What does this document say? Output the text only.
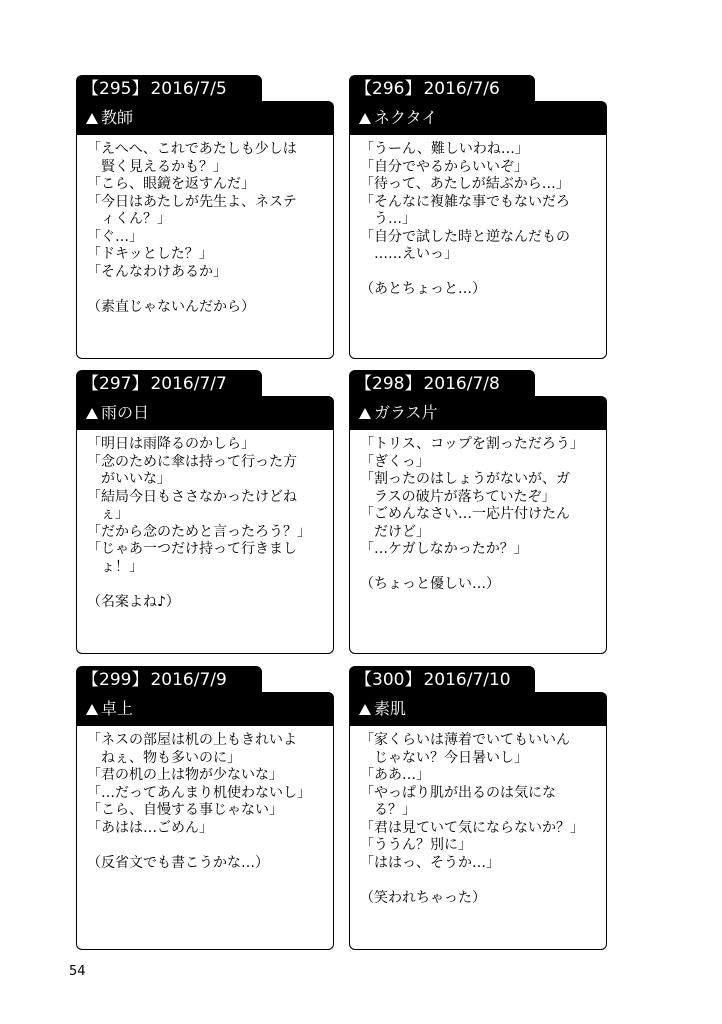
【295】 2016/7/5
教師
「えへへ、これであたしも少しは
　賢く見えるかも？」
「こら、眼鏡を返すんだ」
「今日はあたしが先生よ、ネステ
　ィくん？」
「ぐ…」
「ドキッとした？」
「そんなわけあるか」
（素直じゃないんだから）
【296】 2016/7/6
ネクタイ
「うーん、難しいわね…」
「自分でやるからいいぞ」
「待って、あたしが結ぶから…」
「そんなに複雑な事でもないだろ
　う…」
「自分で試した時と逆なんだもの
　……えいっ」
（あとちょっと…）
【297】 2016/7/7
雨の日
「明日は雨降るのかしら」
「念のために傘は持って行った方
　がいいな」
「結局今日もささなかったけどね
　ぇ」
「だから念のためと言ったろう？」
「じゃあ一つだけ持って行きまし
　ょ！」
（名案よね♪）
【298】 2016/7/8
ガラス片
「トリス、コップを割っただろう」
「ぎくっ」
「割ったのはしょうがないが、ガ
　ラスの破片が落ちていたぞ」
「ごめんなさい…一応片付けたん
　だけど」
「…ケガしなかったか？」
（ちょっと優しい…）
【299】 2016/7/9
卓上
「ネスの部屋は机の上もきれいよ
　ねぇ、物も多いのに」
「君の机の上は物が少ないな」
「…だってあんまり机使わないし」
「こら、自慢する事じゃない」
「あはは…ごめん」
（反省文でも書こうかな…）
【300】 2016/7/10
素肌
「家くらいは薄着でいてもいいん
　じゃない？今日暑いし」
「ああ…」
「やっぱり肌が出るのは気にな
　る？」
「君は見ていて気にならないか？」
「ううん？別に」
「ははっ、そうか…」
（笑われちゃった）
54
